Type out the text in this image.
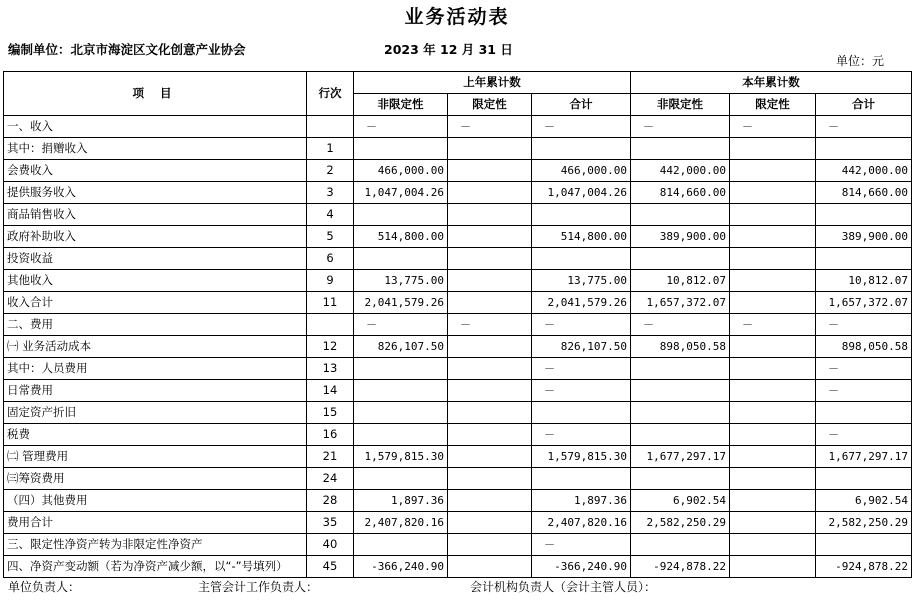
业务活动表
编制单位：北京市海淀区文化创意产业协会	2023 年 12 月 31 日
单位：元
项 目	行次	上年累计数			本年累计数		
		非限定性	限定性	合计	非限定性	限定性	合计
一、收入		－	－	－	－	－	－
其中：捐赠收入	1						
会费收入	2	466,000.00		466,000.00	442,000.00		442,000.00
提供服务收入	3	1,047,004.26		1,047,004.26	814,660.00		814,660.00
商品销售收入	4						
政府补助收入	5	514,800.00		514,800.00	389,900.00		389,900.00
投资收益	6						
其他收入	9	13,775.00		13,775.00	10,812.07		10,812.07
收入合计	11	2,041,579.26		2,041,579.26	1,657,372.07		1,657,372.07
二、费用		－	－	－	－	－	－
㈠ 业务活动成本	12	826,107.50		826,107.50	898,050.58		898,050.58
其中：人员费用	13			－			－
日常费用	14			－			－
固定资产折旧	15						
税费	16			－			－
㈡ 管理费用	21	1,579,815.30		1,579,815.30	1,677,297.17		1,677,297.17
㈢筹资费用	24						
（四）其他费用	28	1,897.36		1,897.36	6,902.54		6,902.54
费用合计	35	2,407,820.16		2,407,820.16	2,582,250.29		2,582,250.29
三、限定性净资产转为非限定性净资产	40			－			
四、净资产变动额（若为净资产减少额，以“-”号填列）	45	-366,240.90		-366,240.90	-924,878.22		-924,878.22
单位负责人：	主管会计工作负责人：	会计机构负责人（会计主管人员）：
